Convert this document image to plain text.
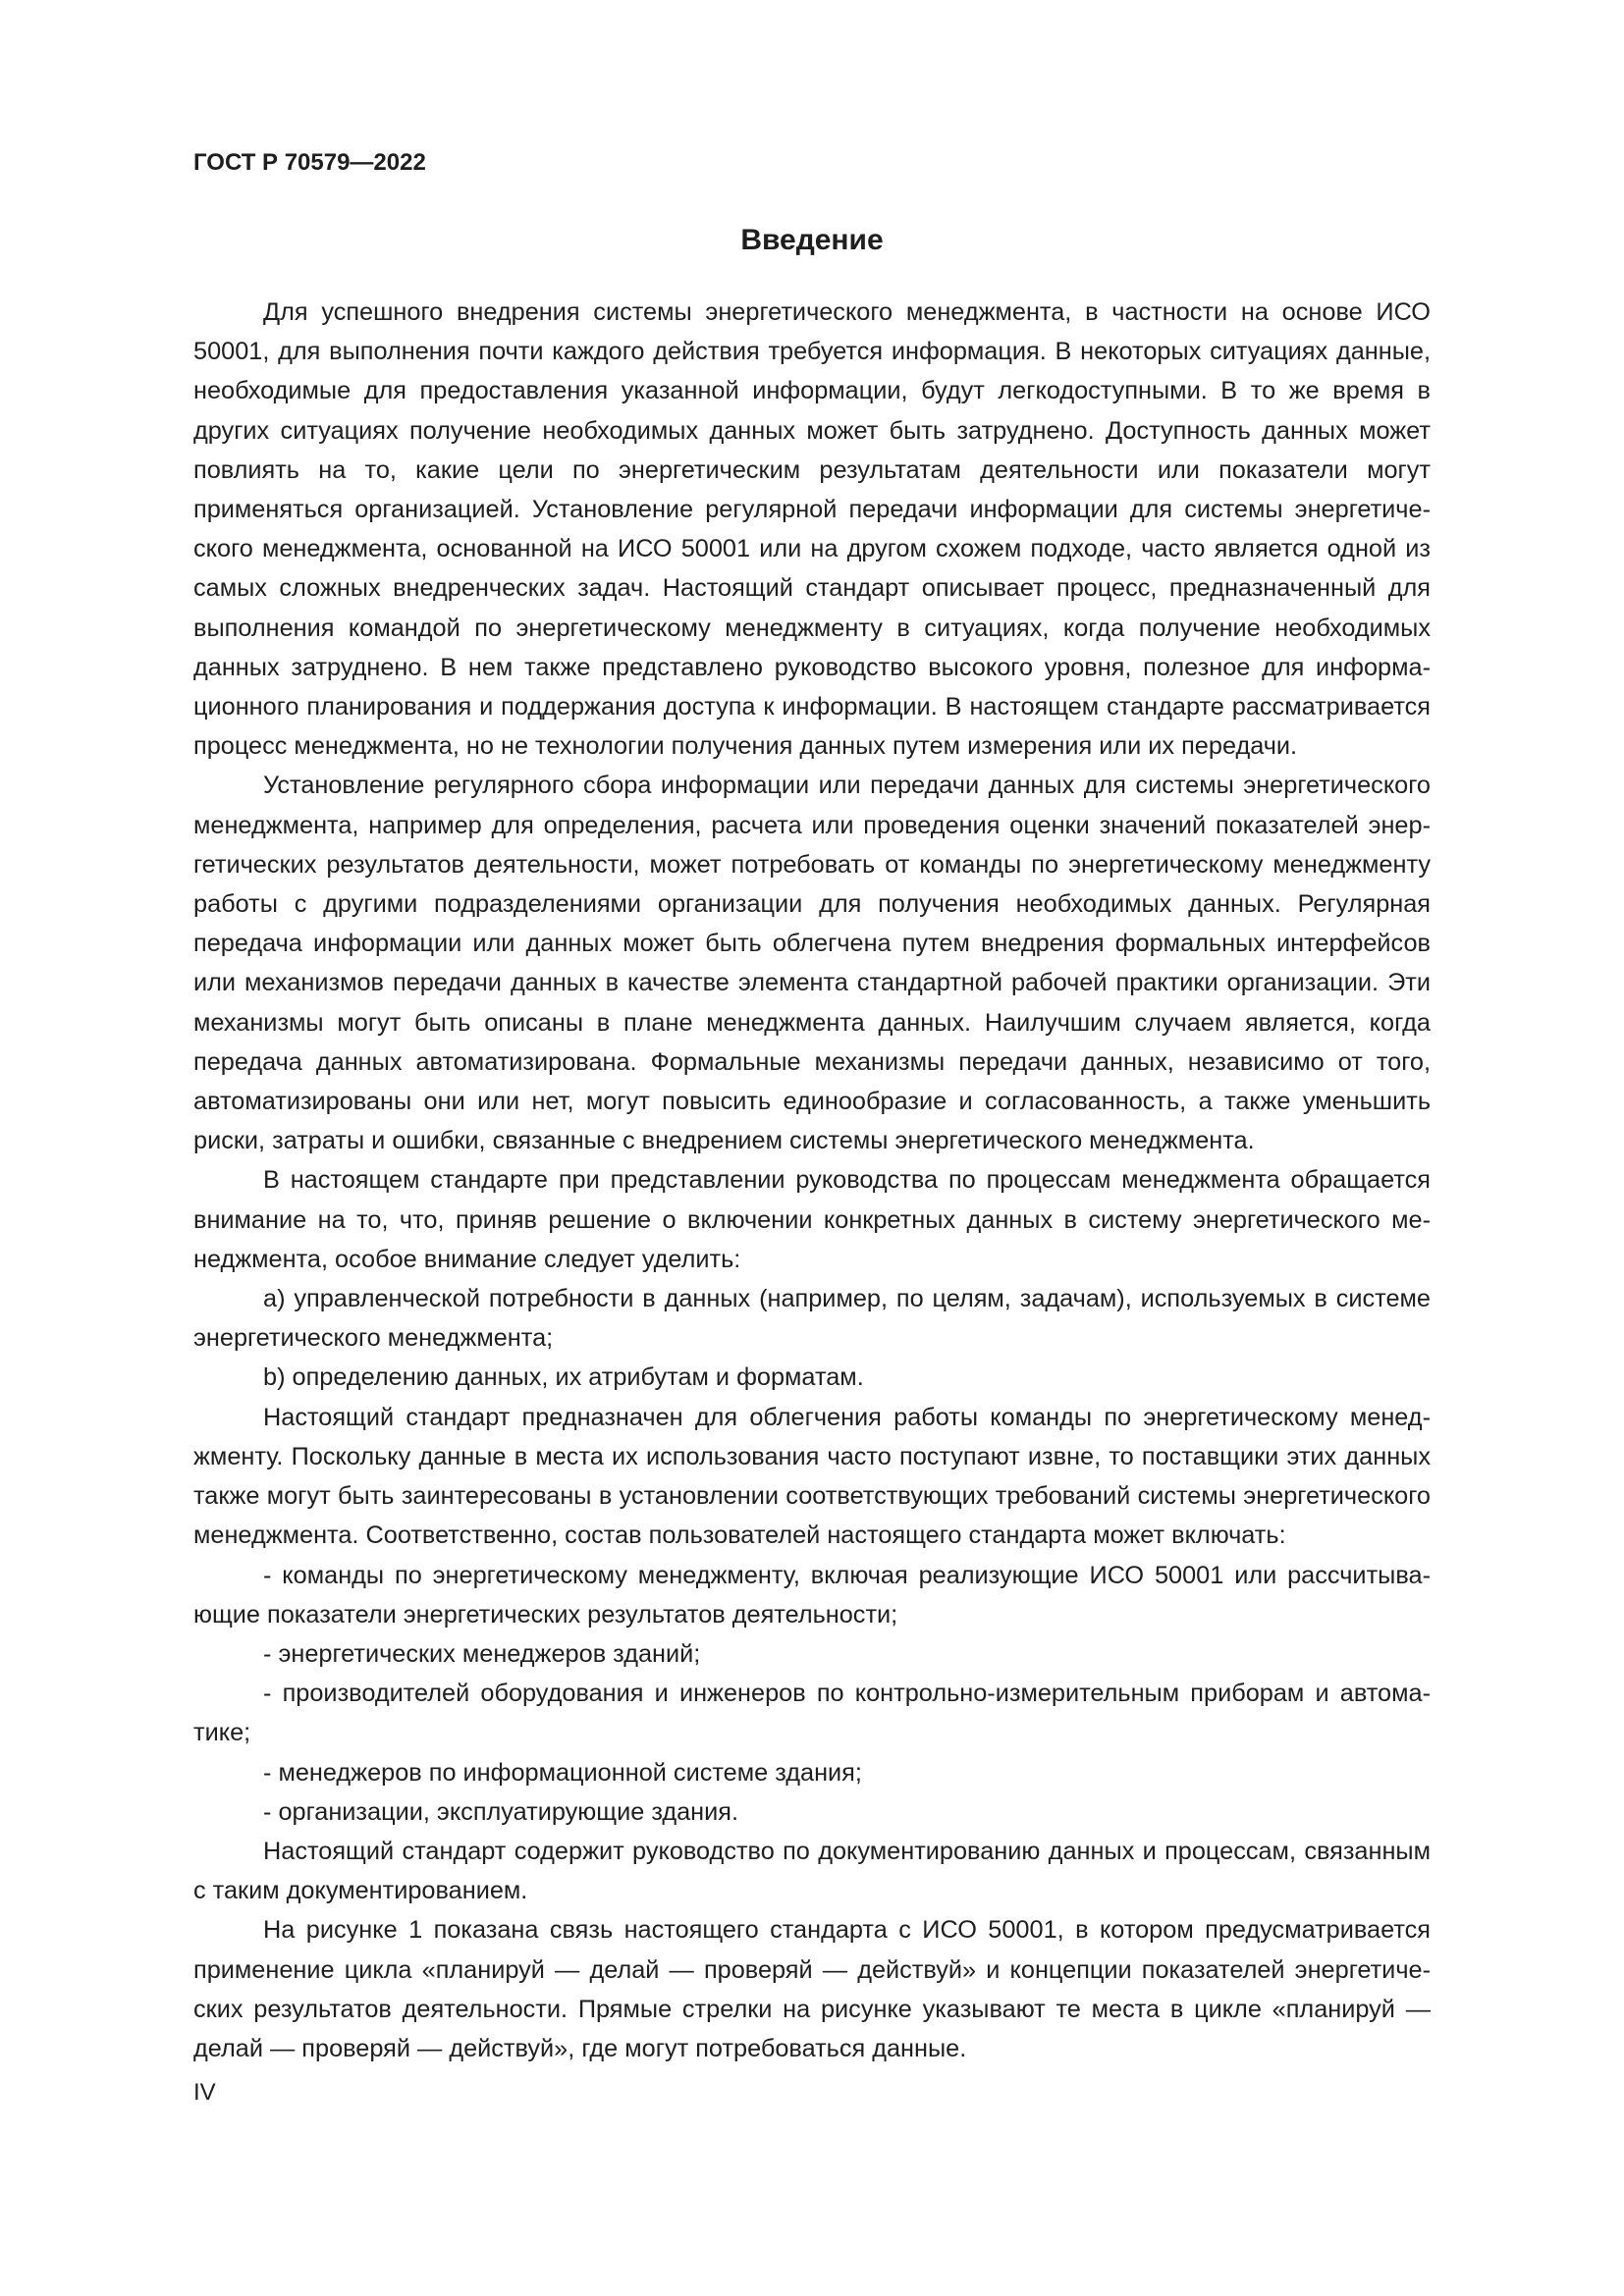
ГОСТ Р 70579—2022

Введение

Для успешного внедрения системы энергетического менеджмента, в частности на основе ИСО 50001, для выполнения почти каждого действия требуется информация. В некоторых ситуациях данные, необходимые для предоставления указанной информации, будут легкодоступными. В то же время в других ситуациях получение необходимых данных может быть затруднено. Доступность данных может повлиять на то, какие цели по энергетическим результатам деятельности или показатели могут применяться организацией. Установление регулярной передачи информации для системы энергетического менеджмента, основанной на ИСО 50001 или на другом схожем подходе, часто является одной из самых сложных внедренческих задач. Настоящий стандарт описывает процесс, предназначенный для выполнения командой по энергетическому менеджменту в ситуациях, когда получение необходимых данных затруднено. В нем также представлено руководство высокого уровня, полезное для информационного планирования и поддержания доступа к информации. В настоящем стандарте рассматривается процесс менеджмента, но не технологии получения данных путем измерения или их передачи.

Установление регулярного сбора информации или передачи данных для системы энергетического менеджмента, например для определения, расчета или проведения оценки значений показателей энергетических результатов деятельности, может потребовать от команды по энергетическому менеджменту работы с другими подразделениями организации для получения необходимых данных. Регулярная передача информации или данных может быть облегчена путем внедрения формальных интерфейсов или механизмов передачи данных в качестве элемента стандартной рабочей практики организации. Эти механизмы могут быть описаны в плане менеджмента данных. Наилучшим случаем является, когда передача данных автоматизирована. Формальные механизмы передачи данных, независимо от того, автоматизированы они или нет, могут повысить единообразие и согласованность, а также уменьшить риски, затраты и ошибки, связанные с внедрением системы энергетического менеджмента.

В настоящем стандарте при представлении руководства по процессам менеджмента обращается внимание на то, что, приняв решение о включении конкретных данных в систему энергетического менеджмента, особое внимание следует уделить:

а) управленческой потребности в данных (например, по целям, задачам), используемых в системе энергетического менеджмента;

b) определению данных, их атрибутам и форматам.

Настоящий стандарт предназначен для облегчения работы команды по энергетическому менеджменту. Поскольку данные в места их использования часто поступают извне, то поставщики этих данных также могут быть заинтересованы в установлении соответствующих требований системы энергетического менеджмента. Соответственно, состав пользователей настоящего стандарта может включать:

- команды по энергетическому менеджменту, включая реализующие ИСО 50001 или рассчитывающие показатели энергетических результатов деятельности;

- энергетических менеджеров зданий;

- производителей оборудования и инженеров по контрольно-измерительным приборам и автоматике;

- менеджеров по информационной системе здания;

- организации, эксплуатирующие здания.

Настоящий стандарт содержит руководство по документированию данных и процессам, связанным с таким документированием.

На рисунке 1 показана связь настоящего стандарта с ИСО 50001, в котором предусматривается применение цикла «планируй — делай — проверяй — действуй» и концепции показателей энергетических результатов деятельности. Прямые стрелки на рисунке указывают те места в цикле «планируй — делай — проверяй — действуй», где могут потребоваться данные.

IV
